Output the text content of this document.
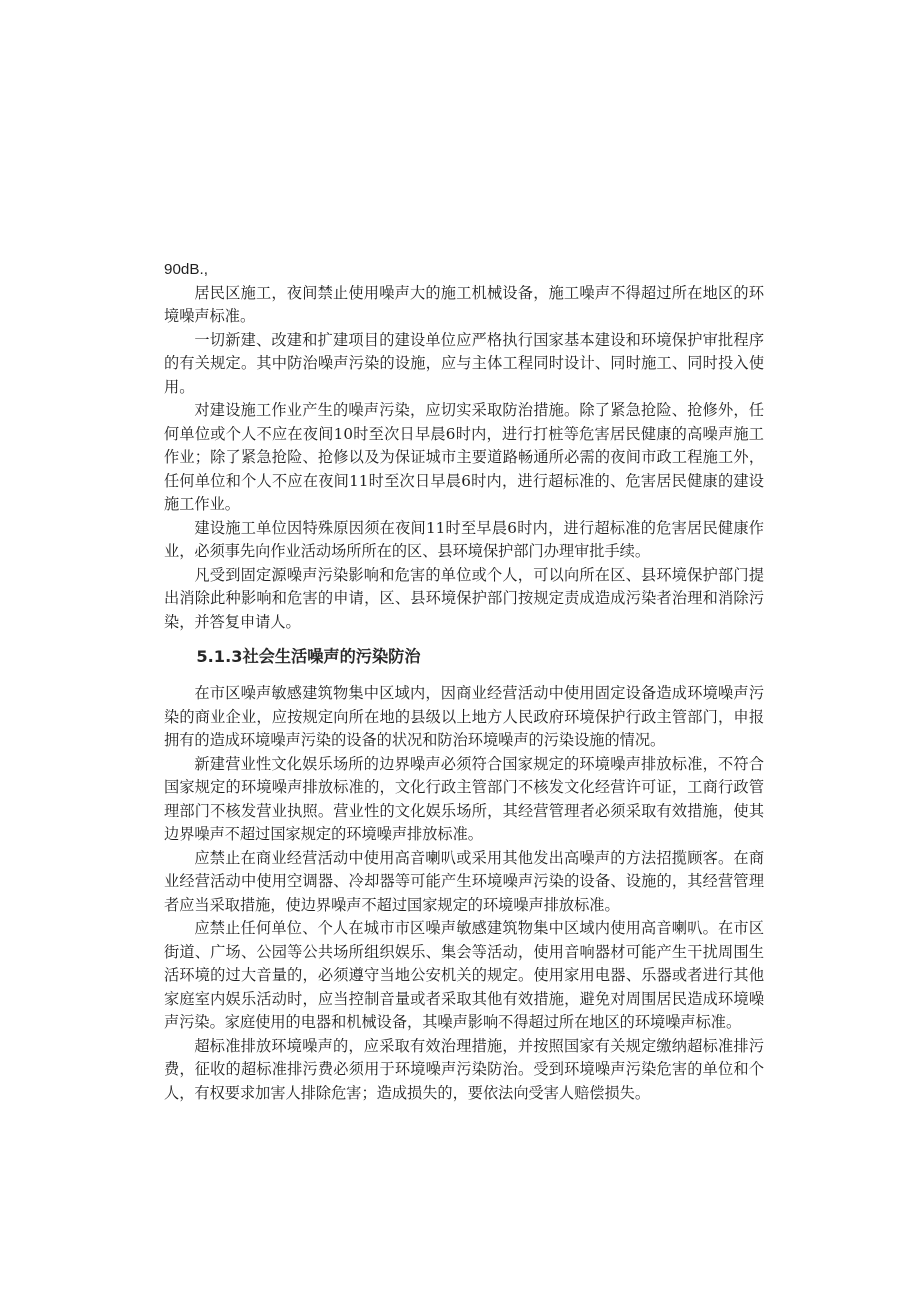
90dB.,

居民区施工，夜间禁止使用噪声大的施工机械设备，施工噪声不得超过所在地区的环境噪声标准。

一切新建、改建和扩建项目的建设单位应严格执行国家基本建设和环境保护审批程序的有关规定。其中防治噪声污染的设施，应与主体工程同时设计、同时施工、同时投入使用。

对建设施工作业产生的噪声污染，应切实采取防治措施。除了紧急抢险、抢修外，任何单位或个人不应在夜间10时至次日早晨6时内，进行打桩等危害居民健康的高噪声施工作业；除了紧急抢险、抢修以及为保证城市主要道路畅通所必需的夜间市政工程施工外，任何单位和个人不应在夜间11时至次日早晨6时内，进行超标准的、危害居民健康的建设施工作业。

建设施工单位因特殊原因须在夜间11时至早晨6时内，进行超标准的危害居民健康作业，必须事先向作业活动场所所在的区、县环境保护部门办理审批手续。

凡受到固定源噪声污染影响和危害的单位或个人，可以向所在区、县环境保护部门提出消除此种影响和危害的申请，区、县环境保护部门按规定责成造成污染者治理和消除污染，并答复申请人。

5.1.3社会生活噪声的污染防治

在市区噪声敏感建筑物集中区域内，因商业经营活动中使用固定设备造成环境噪声污染的商业企业，应按规定向所在地的县级以上地方人民政府环境保护行政主管部门，申报拥有的造成环境噪声污染的设备的状况和防治环境噪声的污染设施的情况。

新建营业性文化娱乐场所的边界噪声必须符合国家规定的环境噪声排放标准，不符合国家规定的环境噪声排放标准的，文化行政主管部门不核发文化经营许可证，工商行政管理部门不核发营业执照。营业性的文化娱乐场所，其经营管理者必须采取有效措施，使其边界噪声不超过国家规定的环境噪声排放标准。

应禁止在商业经营活动中使用高音喇叭或采用其他发出高噪声的方法招揽顾客。在商业经营活动中使用空调器、冷却器等可能产生环境噪声污染的设备、设施的，其经营管理者应当采取措施，使边界噪声不超过国家规定的环境噪声排放标准。

应禁止任何单位、个人在城市市区噪声敏感建筑物集中区域内使用高音喇叭。在市区街道、广场、公园等公共场所组织娱乐、集会等活动，使用音响器材可能产生干扰周围生活环境的过大音量的，必须遵守当地公安机关的规定。使用家用电器、乐器或者进行其他家庭室内娱乐活动时，应当控制音量或者采取其他有效措施，避免对周围居民造成环境噪声污染。家庭使用的电器和机械设备，其噪声影响不得超过所在地区的环境噪声标准。

超标准排放环境噪声的，应采取有效治理措施，并按照国家有关规定缴纳超标准排污费，征收的超标准排污费必须用于环境噪声污染防治。受到环境噪声污染危害的单位和个人，有权要求加害人排除危害；造成损失的，要依法向受害人赔偿损失。
